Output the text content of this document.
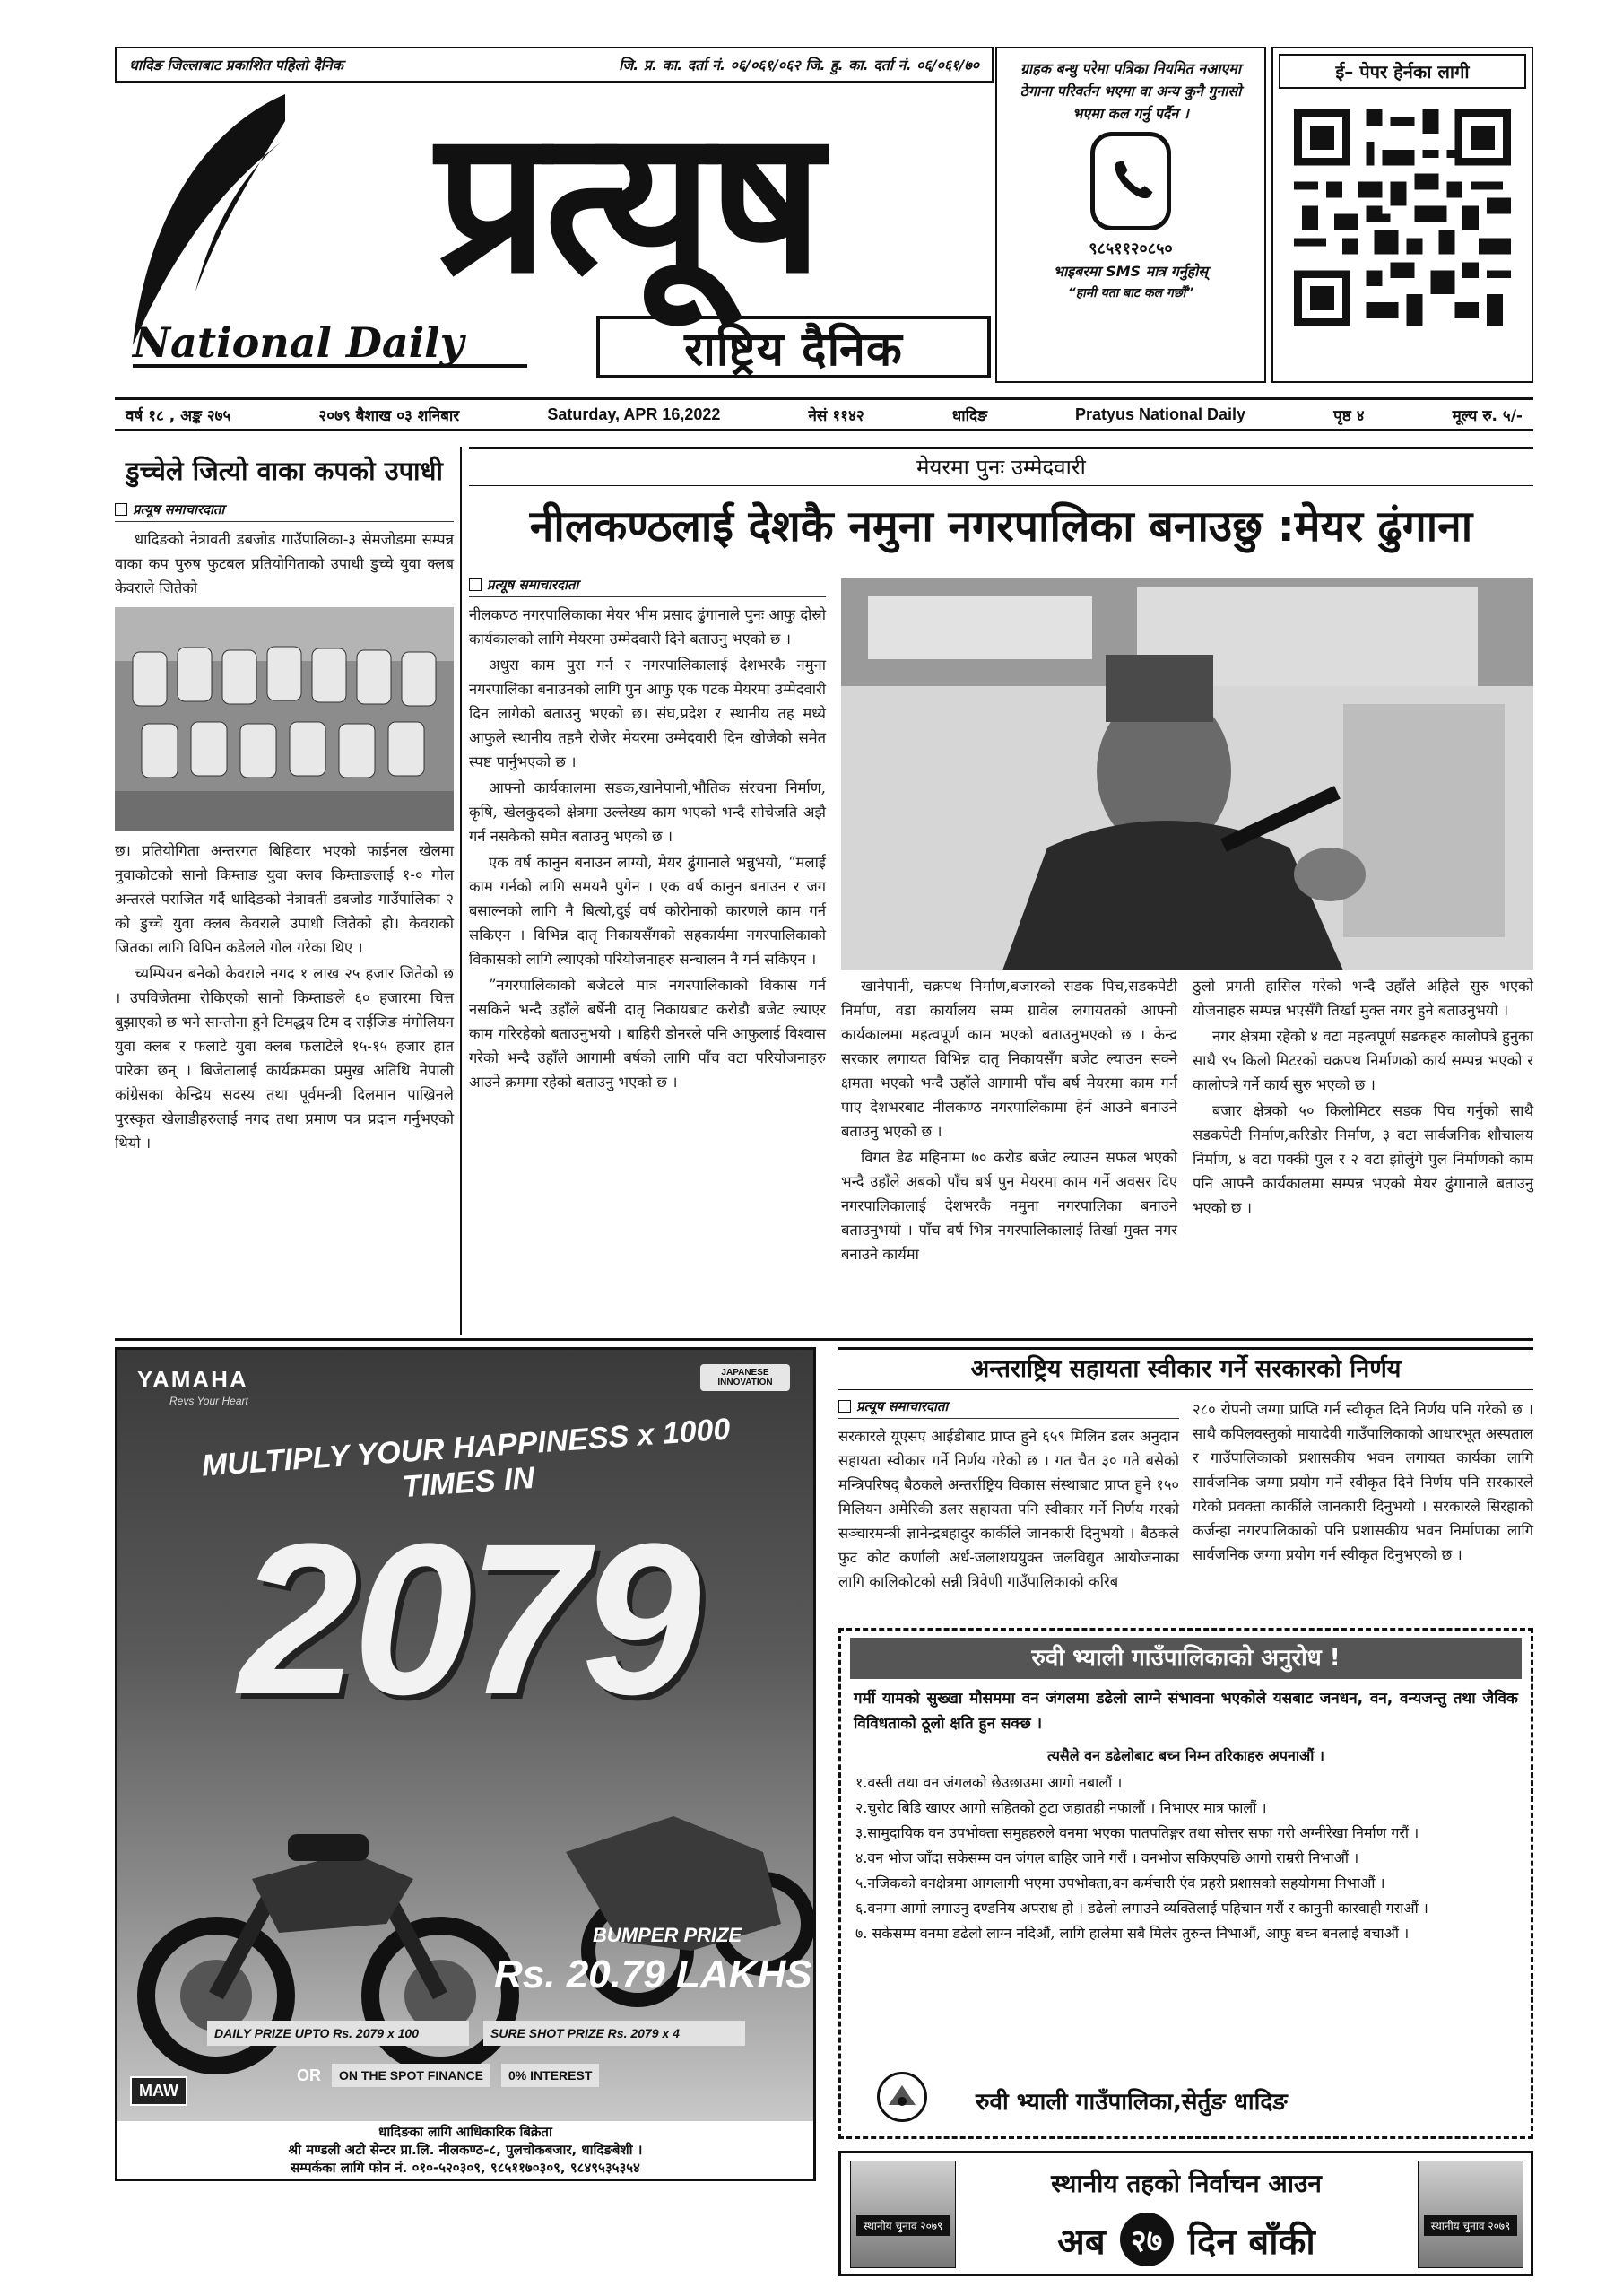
धादिङ जिल्लाबाट प्रकाशित पहिलो दैनिक	जि. प्र. का. दर्ता नं. ०६/०६१/०६२ जि. हु. का. दर्ता नं. ०६/०६१/७०
प्रत्यूष
National Daily	राष्ट्रिय दैनिक
ग्राहक बन्धु परेमा पत्रिका नियमित नआएमा ठेगाना परिवर्तन भएमा वा अन्य कुनै गुनासो भएमा कल गर्नु पर्दैन ।
९८५११२०८५०
भाइबरमा SMS मात्र गर्नुहोस्
“हामी यता बाट कल गर्छौं”
ई– पेपर हेर्नका लागी
वर्ष १८ , अङ्क २७५	२०७९ बैशाख ०३ शनिबार	Saturday, APR 16,2022	नेसं ११४२	धादिङ	Pratyus National Daily	पृष्ठ ४	मूल्य रु. ५/-
डुच्चेले जित्यो वाका कपको उपाधी
प्रत्यूष समाचारदाता

धादिङको नेत्रावती डबजोड गाउँपालिका-३ सेमजोडमा सम्पन्न वाका कप पुरुष फुटबल प्रतियोगिताको उपाधी डुच्चे युवा क्लब केवराले जितेको

छ। प्रतियोगिता अन्तरगत बिहिवार भएको फाईनल खेलमा नुवाकोटको सानो किम्ताङ युवा क्लव किम्ताङलाई १-० गोल अन्तरले पराजित गर्दै धादिङको नेत्रावती डबजोड गाउँपालिका २ को डुच्चे युवा क्लब केवराले उपाधी जितेको हो। केवराको जितका लागि विपिन कडेलले गोल गरेका थिए ।

च्यम्पियन बनेको केवराले नगद १ लाख २५ हजार जितेको छ । उपविजेतमा रोकिएको सानो किम्ताङले ६० हजारमा चित्त बुझाएको छ भने सान्तोना हुने टिमद्धय टिम द राईजिङ मंगोलियन युवा क्लब र फलाटे युवा क्लब फलाटेले १५-१५ हजार हात पारेका छन् । बिजेतालाई कार्यक्रमका प्रमुख अतिथि नेपाली कांग्रेसका केन्द्रिय सदस्य तथा पूर्वमन्त्री दिलमान पाख्रिनले पुरस्कृत खेलाडीहरुलाई नगद तथा प्रमाण पत्र प्रदान गर्नुभएको थियो ।

मेयरमा पुनः उम्मेदवारी
नीलकण्ठलाई देशकै नमुना नगरपालिका बनाउछु :मेयर ढुंगाना
प्रत्यूष समाचारदाता

नीलकण्ठ नगरपालिकाका मेयर भीम प्रसाद ढुंगानाले पुनः आफु दोस्रो कार्यकालको लागि मेयरमा उम्मेदवारी दिने बताउनु भएको छ ।

अधुरा काम पुरा गर्न र नगरपालिकालाई देशभरकै नमुना नगरपालिका बनाउनको लागि पुन आफु एक पटक मेयरमा उम्मेदवारी दिन लागेको बताउनु भएको छ। संघ,प्रदेश र स्थानीय तह मध्ये आफुले स्थानीय तहनै रोजेर मेयरमा उम्मेदवारी दिन खोजेको समेत स्पष्ट पार्नुभएको छ ।

आफ्नो कार्यकालमा सडक,खानेपानी,भौतिक संरचना निर्माण, कृषि, खेलकुदको क्षेत्रमा उल्लेख्य काम भएको भन्दै सोचेजति अझै गर्न नसकेको समेत बताउनु भएको छ ।

एक वर्ष कानुन बनाउन लाग्यो, मेयर ढुंगानाले भन्नुभयो, “मलाई काम गर्नको लागि समयनै पुगेन । एक वर्ष कानुन बनाउन र जग बसाल्नको लागि नै बित्यो,दुई वर्ष कोरोनाको कारणले काम गर्न सकिएन । विभिन्न दातृ निकायसँगको सहकार्यमा नगरपालिकाको विकासको लागि ल्याएको परियोजनाहरु सन्चालन नै गर्न सकिएन ।

”नगरपालिकाको बजेटले मात्र नगरपालिकाको विकास गर्न नसकिने भन्दै उहाँले बर्षेनी दातृ निकायबाट करोडौ बजेट ल्याएर काम गरिरहेको बताउनुभयो । बाहिरी डोनरले पनि आफुलाई विश्वास गरेको भन्दै उहाँले आगामी बर्षको लागि पाँच वटा परियोजनाहरु आउने क्रममा रहेको बताउनु भएको छ ।

खानेपानी, चक्रपथ निर्माण,बजारको सडक पिच,सडकपेटी निर्माण, वडा कार्यालय सम्म ग्रावेल लगायतको आफ्नो कार्यकालमा महत्वपूर्ण काम भएको बताउनुभएको छ । केन्द्र सरकार लगायत विभिन्न दातृ निकायसँग बजेट ल्याउन सक्ने क्षमता भएको भन्दै उहाँले आगामी पाँच बर्ष मेयरमा काम गर्न पाए देशभरबाट नीलकण्ठ नगरपालिकामा हेर्न आउने बनाउने बताउनु भएको छ ।

विगत डेढ महिनामा ७० करोड बजेट ल्याउन सफल भएको भन्दै उहाँले अबको पाँच बर्ष पुन मेयरमा काम गर्ने अवसर दिए नगरपालिकालाई देशभरकै नमुना नगरपालिका बनाउने बताउनुभयो । पाँच बर्ष भित्र नगरपालिकालाई तिर्खा मुक्त नगर बनाउने कार्यमा

ठुलो प्रगती हासिल गरेको भन्दै उहाँले अहिले सुरु भएको योजनाहरु सम्पन्न भएसँगै तिर्खा मुक्त नगर हुने बताउनुभयो ।

नगर क्षेत्रमा रहेको ४ वटा महत्वपूर्ण सडकहरु कालोपत्रे हुनुका साथै ९५ किलो मिटरको चक्रपथ निर्माणको कार्य सम्पन्न भएको र कालोपत्रे गर्ने कार्य सुरु भएको छ ।

बजार क्षेत्रको ५० किलोमिटर सडक पिच गर्नुको साथै सडकपेटी निर्माण,करिडोर निर्माण, ३ वटा सार्वजनिक शौचालय निर्माण, ४ वटा पक्की पुल र २ वटा झोलुंगे पुल निर्माणको काम पनि आफ्नै कार्यकालमा सम्पन्न भएको मेयर ढुंगानाले बताउनु भएको छ ।

YAMAHA
Revs Your Heart
JAPANESE INNOVATION
MULTIPLY YOUR HAPPINESS x 1000 TIMES IN
2079
BUMPER PRIZE
Rs. 20.79 LAKHS
DAILY PRIZE UPTO Rs. 2079 x 100	SURE SHOT PRIZE Rs. 2079 x 4
OR	ON THE SPOT FINANCE	0% INTEREST
MAW
धादिङका लागि आधिकारिक बिक्रेता
श्री मण्डली अटो सेन्टर प्रा.लि. नीलकण्ठ-८, पुलचोकबजार, धादिङबेशी ।
सम्पर्कका लागि फोन नं. ०१०-५२०३०९, ९८५११७०३०९, ९८४९५३५३५४
अन्तराष्ट्रिय सहायता स्वीकार गर्ने सरकारको निर्णय
प्रत्यूष समाचारदाता

सरकारले यूएसए आईडीबाट प्राप्त हुने ६५९ मिलिन डलर अनुदान सहायता स्वीकार गर्ने निर्णय गरेको छ । गत चैत ३० गते बसेको मन्त्रिपरिषद् बैठकले अन्तर्राष्ट्रिय विकास संस्थाबाट प्राप्त हुने १५० मिलियन अमेरिकी डलर सहायता पनि स्वीकार गर्ने निर्णय गरको सञ्चारमन्त्री ज्ञानेन्द्रबहादुर कार्कीले जानकारी दिनुभयो । बैठकले फुट कोट कर्णाली अर्ध-जलाशययुक्त जलविद्युत आयोजनाका लागि कालिकोटको सन्नी त्रिवेणी गाउँपालिकाको करिब

२८० रोपनी जग्गा प्राप्ति गर्न स्वीकृत दिने निर्णय पनि गरेको छ । साथै कपिलवस्तुको मायादेवी गाउँपालिकाको आधारभूत अस्पताल र गाउँपालिकाको प्रशासकीय भवन लगायत कार्यका लागि सार्वजनिक जग्गा प्रयोग गर्ने स्वीकृत दिने निर्णय पनि सरकारले गरेको प्रवक्ता कार्कीले जानकारी दिनुभयो । सरकारले सिरहाको कर्जन्हा नगरपालिकाको पनि प्रशासकीय भवन निर्माणका लागि सार्वजनिक जग्गा प्रयोग गर्न स्वीकृत दिनुभएको छ ।

रुवी भ्याली गाउँपालिकाको अनुरोध !
गर्मी यामको सुख्खा मौसममा वन जंगलमा डढेलो लाग्ने संभावना भएकोले यसबाट जनधन, वन, वन्यजन्तु तथा जैविक विविधताको ठूलो क्षति हुन सक्छ ।
त्यसैले वन डढेलोबाट बच्न निम्न तरिकाहरु अपनाऔं ।
१.वस्ती तथा वन जंगलको छेउछाउमा आगो नबालौं ।
२.चुरोट बिडि खाएर आगो सहितको ठुटा जहातही नफालौं । निभाएर मात्र फालौं ।
३.सामुदायिक वन उपभोक्ता समुहहरुले वनमा भएका पातपतिङ्गर तथा सोत्तर सफा गरी अग्नीरेखा निर्माण गरौं ।
४.वन भोज जाँदा सकेसम्म वन जंगल बाहिर जाने गरौं । वनभोज सकिएपछि आगो राम्ररी निभाऔं ।
५.नजिकको वनक्षेत्रमा आगलागी भएमा उपभोक्ता,वन कर्मचारी एंव प्रहरी प्रशासको सहयोगमा निभाऔं ।
६.वनमा आगो लगाउनु दण्डनिय अपराध हो । डढेलो लगाउने व्यक्तिलाई पहिचान गरौं र कानुनी कारवाही गराऔं ।
७. सकेसम्म वनमा डढेलो लाग्न नदिऔं, लागि हालेमा सबै मिलेर तुरुन्त निभाऔं, आफु बच्न बनलाई बचाऔं ।
रुवी भ्याली गाउँपालिका,सेर्तुङ धादिङ
स्थानीय चुनाव २०७९
स्थानीय तहको निर्वाचन आउन
अब २७ दिन बाँकी	स्थानीय चुनाव २०७९
